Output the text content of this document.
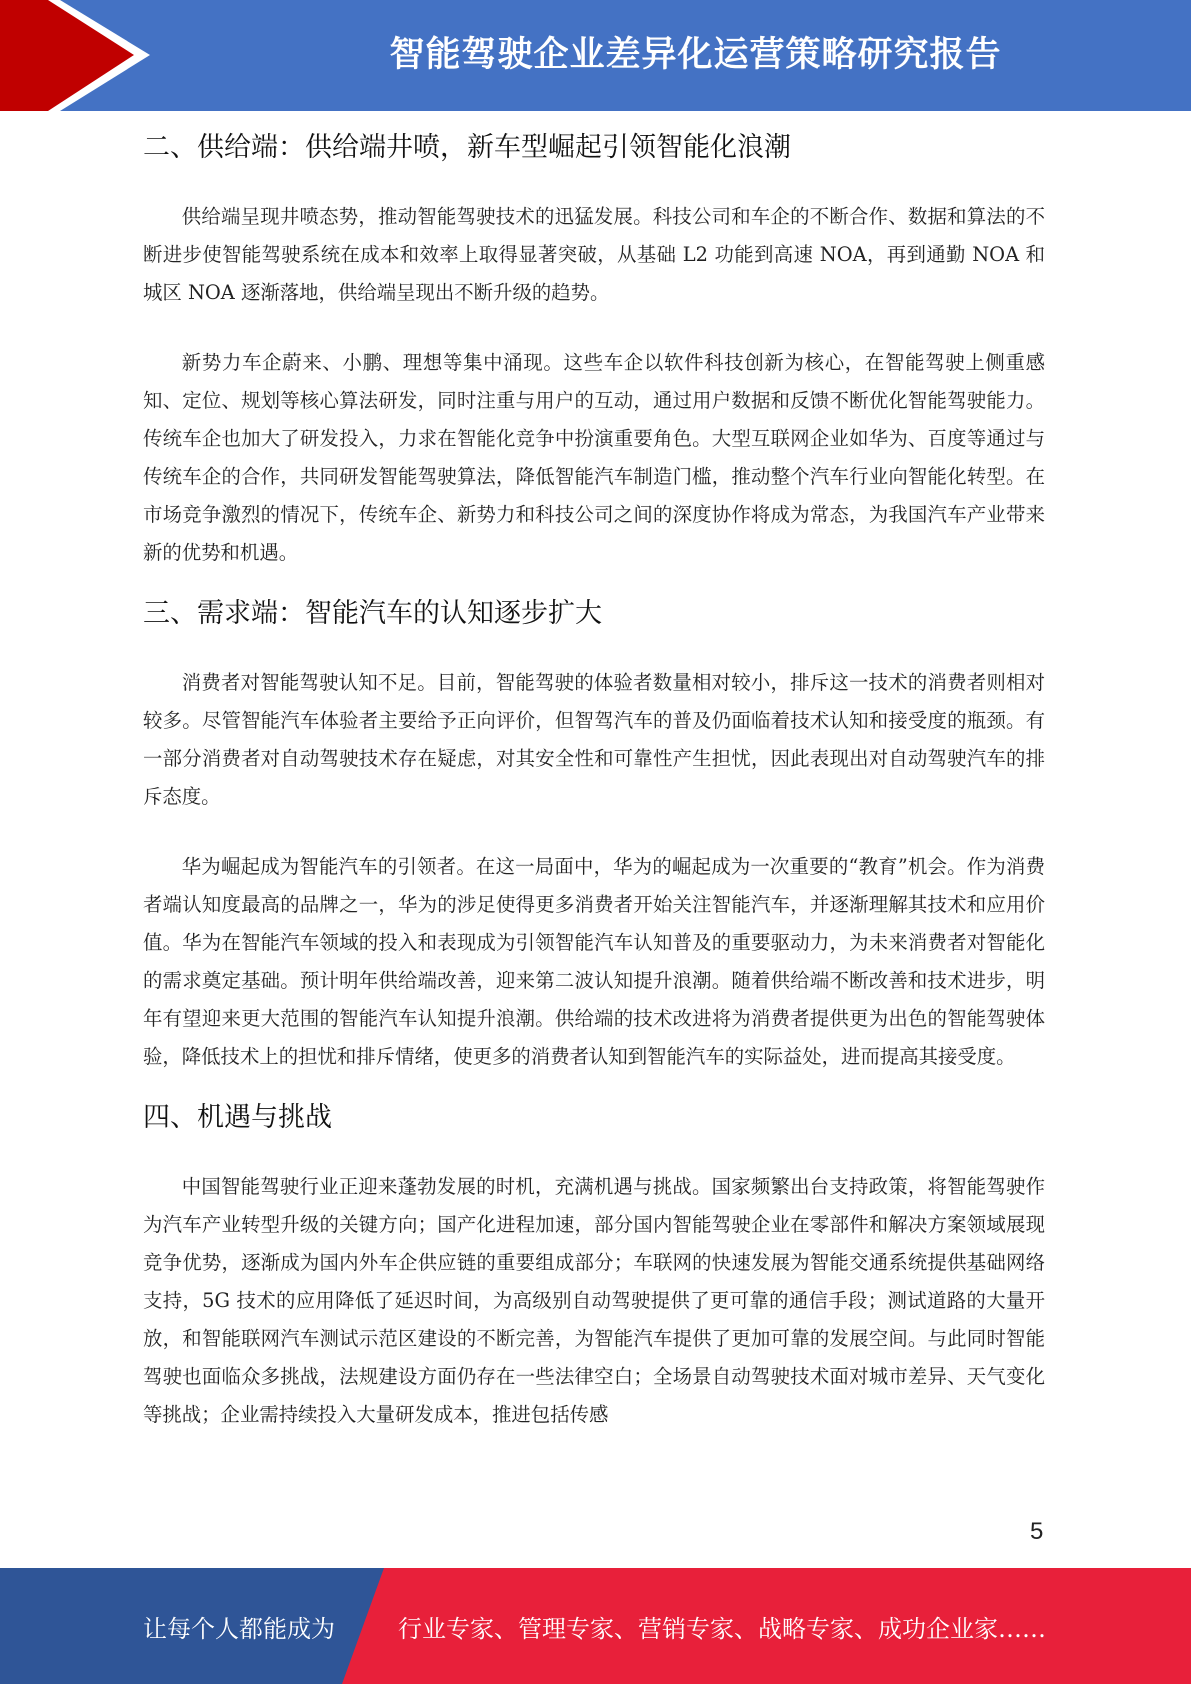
智能驾驶企业差异化运营策略研究报告
二、供给端：供给端井喷，新车型崛起引领智能化浪潮

供给端呈现井喷态势，推动智能驾驶技术的迅猛发展。科技公司和车企的不断合作、数据和算法的不断进步使智能驾驶系统在成本和效率上取得显著突破，从基础 L2 功能到高速 NOA，再到通勤 NOA 和城区 NOA 逐渐落地，供给端呈现出不断升级的趋势。

新势力车企蔚来、小鹏、理想等集中涌现。这些车企以软件科技创新为核心，在智能驾驶上侧重感知、定位、规划等核心算法研发，同时注重与用户的互动，通过用户数据和反馈不断优化智能驾驶能力。传统车企也加大了研发投入，力求在智能化竞争中扮演重要角色。大型互联网企业如华为、百度等通过与传统车企的合作，共同研发智能驾驶算法，降低智能汽车制造门槛，推动整个汽车行业向智能化转型。在市场竞争激烈的情况下，传统车企、新势力和科技公司之间的深度协作将成为常态，为我国汽车产业带来新的优势和机遇。

三、需求端：智能汽车的认知逐步扩大

消费者对智能驾驶认知不足。目前，智能驾驶的体验者数量相对较小，排斥这一技术的消费者则相对较多。尽管智能汽车体验者主要给予正向评价，但智驾汽车的普及仍面临着技术认知和接受度的瓶颈。有一部分消费者对自动驾驶技术存在疑虑，对其安全性和可靠性产生担忧，因此表现出对自动驾驶汽车的排斥态度。

华为崛起成为智能汽车的引领者。在这一局面中，华为的崛起成为一次重要的“教育”机会。作为消费者端认知度最高的品牌之一，华为的涉足使得更多消费者开始关注智能汽车，并逐渐理解其技术和应用价值。华为在智能汽车领域的投入和表现成为引领智能汽车认知普及的重要驱动力，为未来消费者对智能化的需求奠定基础。预计明年供给端改善，迎来第二波认知提升浪潮。随着供给端不断改善和技术进步，明年有望迎来更大范围的智能汽车认知提升浪潮。供给端的技术改进将为消费者提供更为出色的智能驾驶体验，降低技术上的担忧和排斥情绪，使更多的消费者认知到智能汽车的实际益处，进而提高其接受度。

四、机遇与挑战

中国智能驾驶行业正迎来蓬勃发展的时机，充满机遇与挑战。国家频繁出台支持政策，将智能驾驶作为汽车产业转型升级的关键方向；国产化进程加速，部分国内智能驾驶企业在零部件和解决方案领域展现竞争优势，逐渐成为国内外车企供应链的重要组成部分；车联网的快速发展为智能交通系统提供基础网络支持，5G 技术的应用降低了延迟时间，为高级别自动驾驶提供了更可靠的通信手段；测试道路的大量开放，和智能联网汽车测试示范区建设的不断完善，为智能汽车提供了更加可靠的发展空间。与此同时智能驾驶也面临众多挑战，法规建设方面仍存在一些法律空白；全场景自动驾驶技术面对城市差异、天气变化等挑战；企业需持续投入大量研发成本，推进包括传感

5
让每个人都能成为	行业专家、管理专家、营销专家、战略专家、成功企业家……
